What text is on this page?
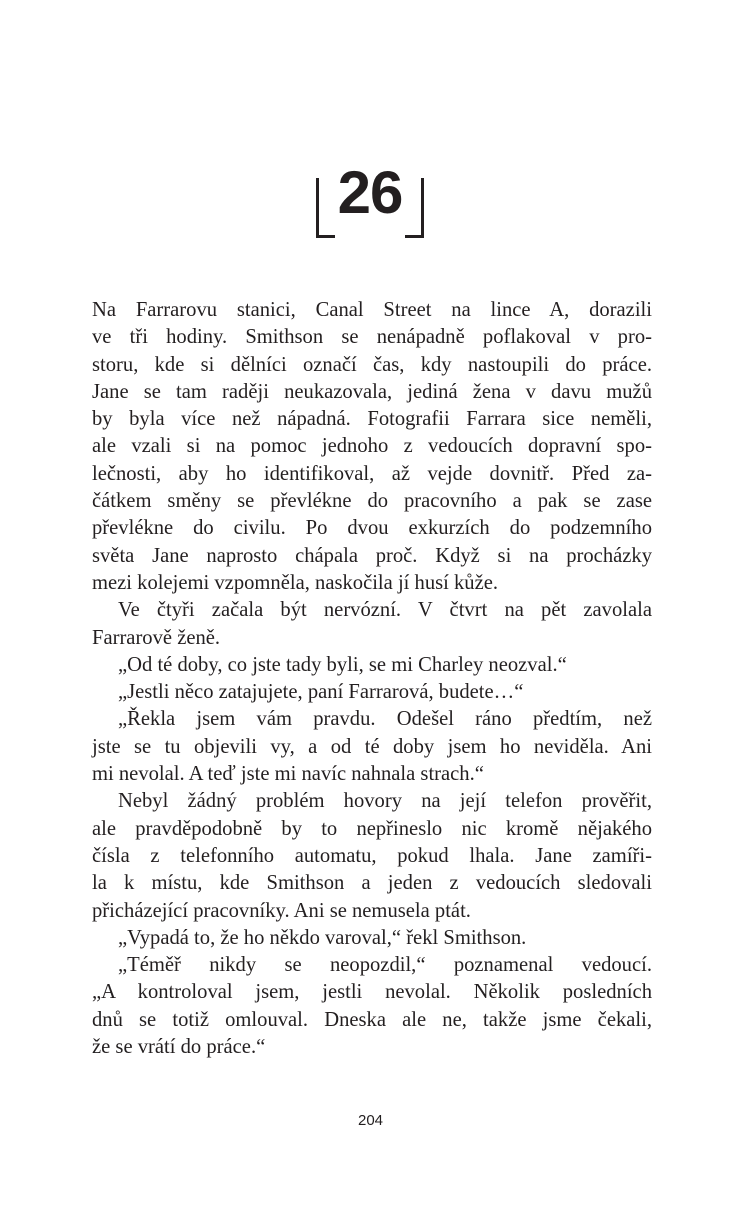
26
Na Farrarovu stanici, Canal Street na lince A, dorazili
ve tři hodiny. Smithson se nenápadně poflakoval v pro-
storu, kde si dělníci označí čas, kdy nastoupili do práce.
Jane se tam raději neukazovala, jediná žena v davu mužů
by byla více než nápadná. Fotografii Farrara sice neměli,
ale vzali si na pomoc jednoho z vedoucích dopravní spo-
lečnosti, aby ho identifikoval, až vejde dovnitř. Před za-
čátkem směny se převlékne do pracovního a pak se zase
převlékne do civilu. Po dvou exkurzích do podzemního
světa Jane naprosto chápala proč. Když si na procházky
mezi kolejemi vzpomněla, naskočila jí husí kůže.
Ve čtyři začala být nervózní. V čtvrt na pět zavolala
Farrarově ženě.
„Od té doby, co jste tady byli, se mi Charley neozval.“
„Jestli něco zatajujete, paní Farrarová, budete…“
„Řekla jsem vám pravdu. Odešel ráno předtím, než
jste se tu objevili vy, a od té doby jsem ho neviděla. Ani
mi nevolal. A teď jste mi navíc nahnala strach.“
Nebyl žádný problém hovory na její telefon prověřit,
ale pravděpodobně by to nepřineslo nic kromě nějakého
čísla z telefonního automatu, pokud lhala. Jane zamíři-
la k místu, kde Smithson a jeden z vedoucích sledovali
přicházející pracovníky. Ani se nemusela ptát.
„Vypadá to, že ho někdo varoval,“ řekl Smithson.
„Téměř nikdy se neopozdil,“ poznamenal vedoucí.
„A kontroloval jsem, jestli nevolal. Několik posledních
dnů se totiž omlouval. Dneska ale ne, takže jsme čekali,
že se vrátí do práce.“
204
